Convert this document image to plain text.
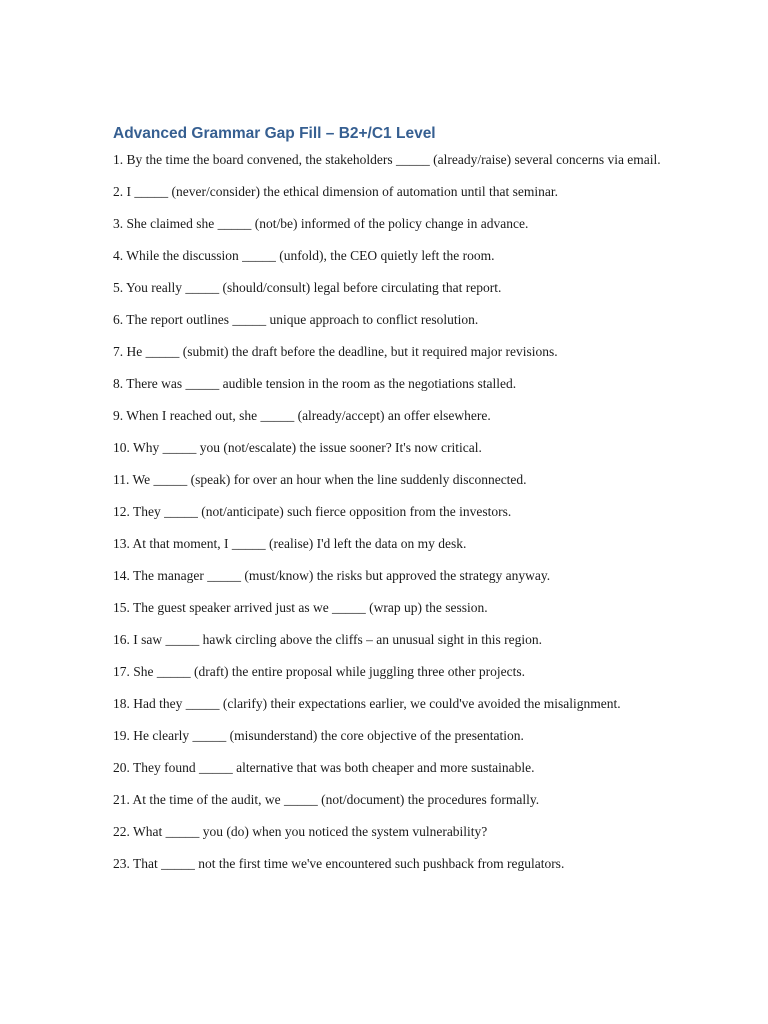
Advanced Grammar Gap Fill – B2+/C1 Level
1. By the time the board convened, the stakeholders _____ (already/raise) several concerns via email.
2. I _____ (never/consider) the ethical dimension of automation until that seminar.
3. She claimed she _____ (not/be) informed of the policy change in advance.
4. While the discussion _____ (unfold), the CEO quietly left the room.
5. You really _____ (should/consult) legal before circulating that report.
6. The report outlines _____ unique approach to conflict resolution.
7. He _____ (submit) the draft before the deadline, but it required major revisions.
8. There was _____ audible tension in the room as the negotiations stalled.
9. When I reached out, she _____ (already/accept) an offer elsewhere.
10. Why _____ you (not/escalate) the issue sooner? It's now critical.
11. We _____ (speak) for over an hour when the line suddenly disconnected.
12. They _____ (not/anticipate) such fierce opposition from the investors.
13. At that moment, I _____ (realise) I'd left the data on my desk.
14. The manager _____ (must/know) the risks but approved the strategy anyway.
15. The guest speaker arrived just as we _____ (wrap up) the session.
16. I saw _____ hawk circling above the cliffs – an unusual sight in this region.
17. She _____ (draft) the entire proposal while juggling three other projects.
18. Had they _____ (clarify) their expectations earlier, we could've avoided the misalignment.
19. He clearly _____ (misunderstand) the core objective of the presentation.
20. They found _____ alternative that was both cheaper and more sustainable.
21. At the time of the audit, we _____ (not/document) the procedures formally.
22. What _____ you (do) when you noticed the system vulnerability?
23. That _____ not the first time we've encountered such pushback from regulators.
